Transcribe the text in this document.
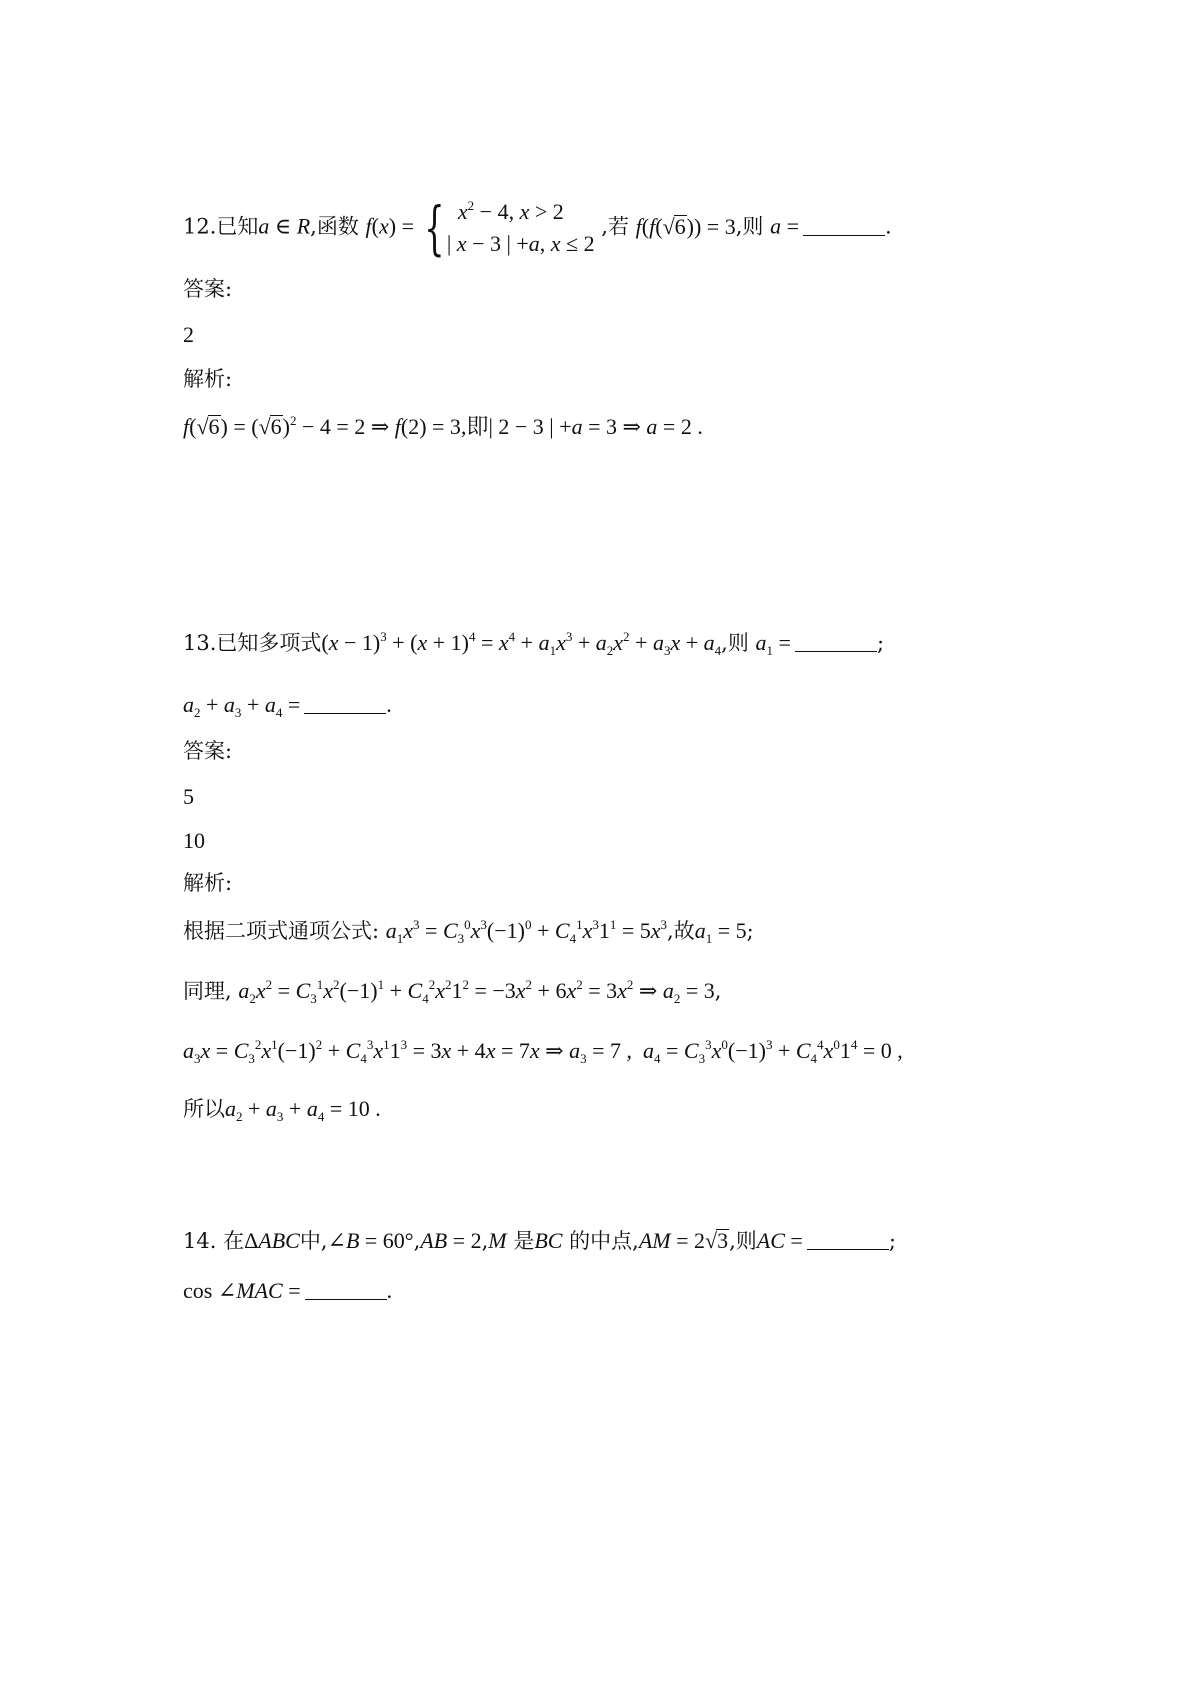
12.已知a ∈ R,函数 f(x) = { $x^2 - 4$, x > 2
| x − 3 | +a, x ≤ 2
,若 f(f(√6)) = 3,则 a =	.
答案:
2
解析:
$f(√6) = (√6)^2 - 4 = 2$ ⇒ f(2) = 3,即| 2 − 3 | +a = 3 ⇒ a = 2 .
13.已知多项式$(x - 1)^3 + (x + 1)^4 = x^4 + a_1x^3 + a_2x^2 + a_3x + a_4$,则 $a_1$ =	;
$a_2 + a_3 + a_4$ =	.
答案:
5
10
解析:
根据二项式通项公式: $a_1x^3 = C_3^0x^3(-1)^0 + C_4^1x^31^1 = 5x^3$,故$a_1 = 5$;
同理, $a_2x^2 = C_3^1x^2(-1)^1 + C_4^2x^21^2 = -3x^2 + 6x^2 = 3x^2$ ⇒ $a_2 = 3$,
$a_3x = C_3^2x^1(-1)^2 + C_4^3x^11^3 = 3x + 4x = 7x$ ⇒ $a_3 = 7$ ,  $a_4 = C_3^3x^0(-1)^3 + C_4^4x^01^4 = 0$ ,
所以$a_2 + a_3 + a_4 = 10$ .
14. 在ΔABC中,∠B = 60°,AB = 2,M 是BC 的中点,AM = 2√3,则AC =	;
cos ∠MAC =	.
